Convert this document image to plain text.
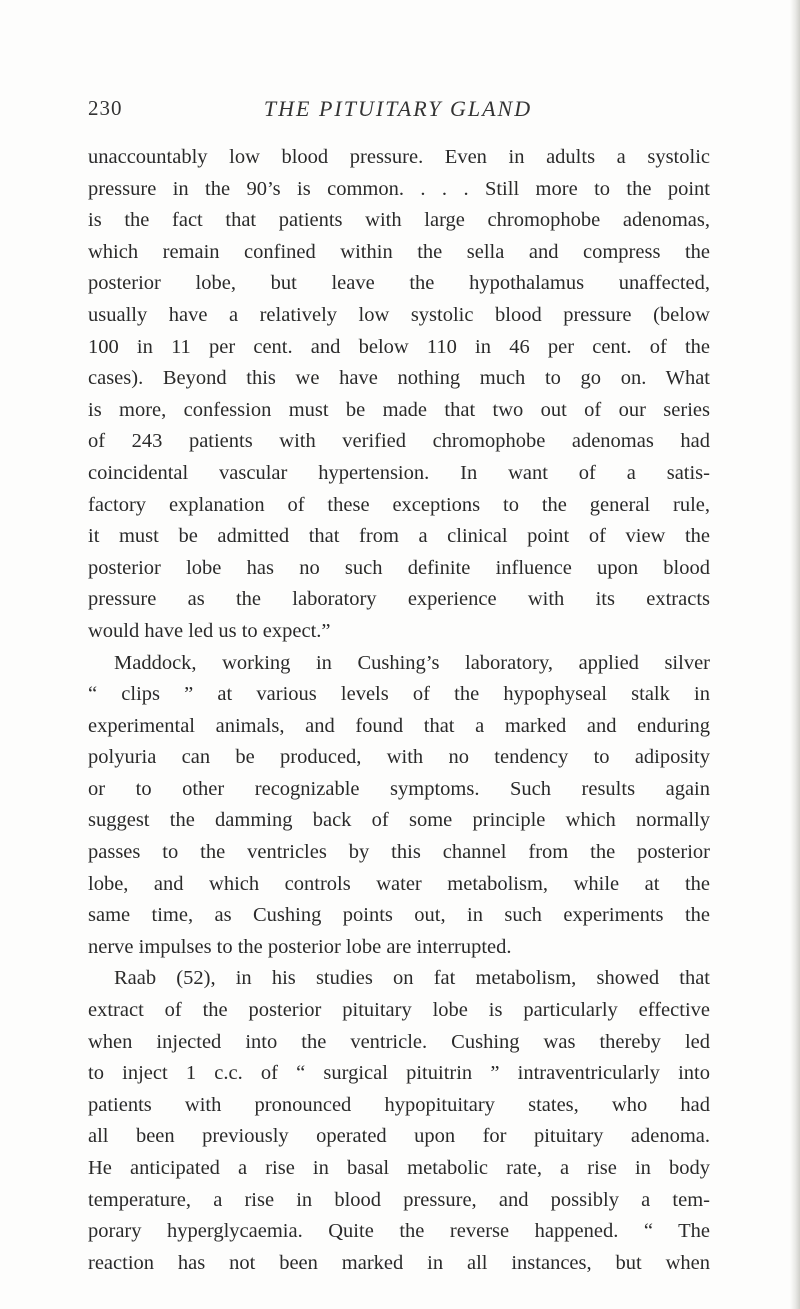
230	THE PITUITARY GLAND
unaccountably low blood pressure. Even in adults a systolic
pressure in the 90’s is common. . . . Still more to the point
is the fact that patients with large chromophobe adenomas,
which remain confined within the sella and compress the
posterior lobe, but leave the hypothalamus unaffected,
usually have a relatively low systolic blood pressure (below
100 in 11 per cent. and below 110 in 46 per cent. of the
cases). Beyond this we have nothing much to go on. What
is more, confession must be made that two out of our series
of 243 patients with verified chromophobe adenomas had
coincidental vascular hypertension. In want of a satis-
factory explanation of these exceptions to the general rule,
it must be admitted that from a clinical point of view the
posterior lobe has no such definite influence upon blood
pressure as the laboratory experience with its extracts
would have led us to expect.”
Maddock, working in Cushing’s laboratory, applied silver
“ clips ” at various levels of the hypophyseal stalk in
experimental animals, and found that a marked and enduring
polyuria can be produced, with no tendency to adiposity
or to other recognizable symptoms. Such results again
suggest the damming back of some principle which normally
passes to the ventricles by this channel from the posterior
lobe, and which controls water metabolism, while at the
same time, as Cushing points out, in such experiments the
nerve impulses to the posterior lobe are interrupted.
Raab (52), in his studies on fat metabolism, showed that
extract of the posterior pituitary lobe is particularly effective
when injected into the ventricle. Cushing was thereby led
to inject 1 c.c. of “ surgical pituitrin ” intraventricularly into
patients with pronounced hypopituitary states, who had
all been previously operated upon for pituitary adenoma.
He anticipated a rise in basal metabolic rate, a rise in body
temperature, a rise in blood pressure, and possibly a tem-
porary hyperglycaemia. Quite the reverse happened. “ The
reaction has not been marked in all instances, but when
